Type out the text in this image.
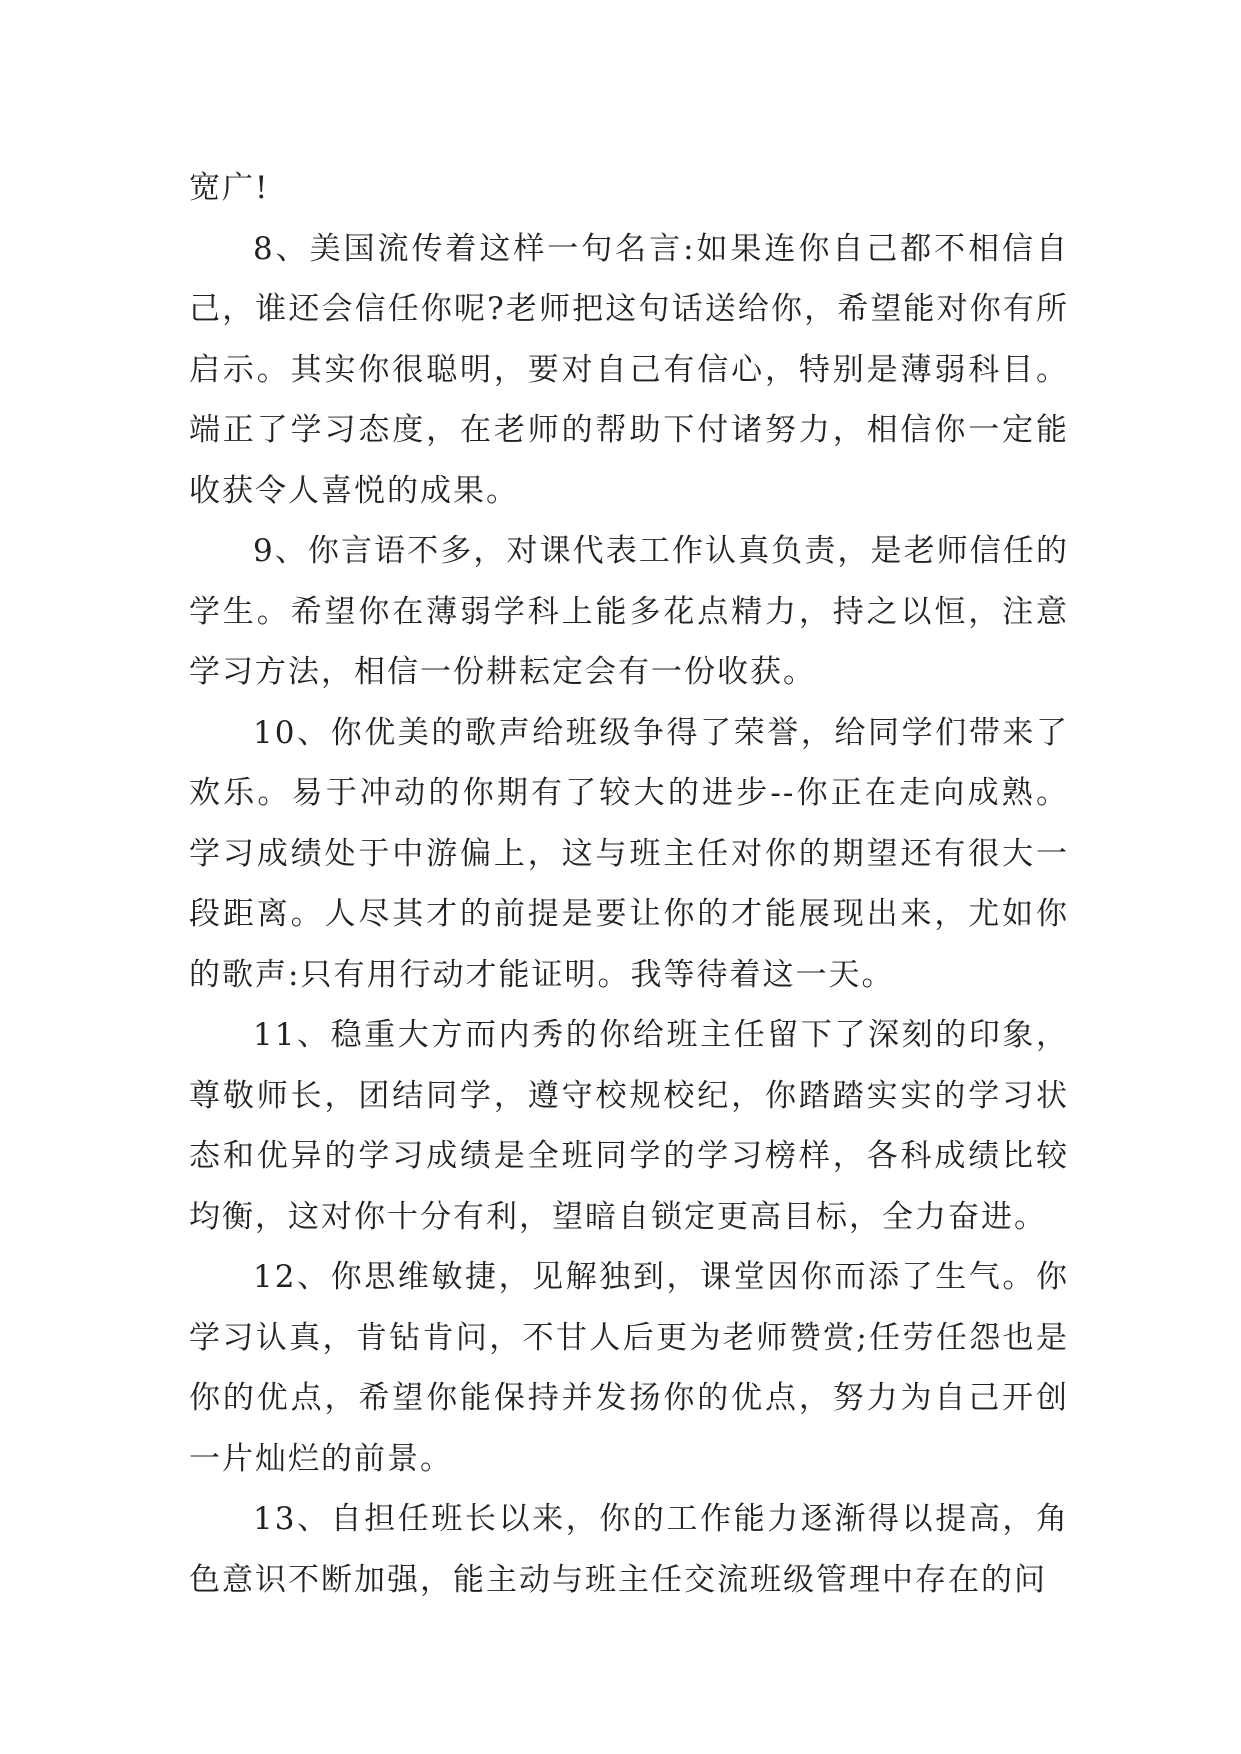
宽广!

8、美国流传着这样一句名言:如果连你自己都不相信自己，谁还会信任你呢?老师把这句话送给你，希望能对你有所启示。其实你很聪明，要对自己有信心，特别是薄弱科目。端正了学习态度，在老师的帮助下付诸努力，相信你一定能收获令人喜悦的成果。

9、你言语不多，对课代表工作认真负责，是老师信任的学生。希望你在薄弱学科上能多花点精力，持之以恒，注意学习方法，相信一份耕耘定会有一份收获。

10、你优美的歌声给班级争得了荣誉，给同学们带来了欢乐。易于冲动的你期有了较大的进步--你正在走向成熟。学习成绩处于中游偏上，这与班主任对你的期望还有很大一段距离。人尽其才的前提是要让你的才能展现出来，尤如你的歌声:只有用行动才能证明。我等待着这一天。

11、稳重大方而内秀的你给班主任留下了深刻的印象，尊敬师长，团结同学，遵守校规校纪，你踏踏实实的学习状态和优异的学习成绩是全班同学的学习榜样，各科成绩比较均衡，这对你十分有利，望暗自锁定更高目标，全力奋进。

12、你思维敏捷，见解独到，课堂因你而添了生气。你学习认真，肯钻肯问，不甘人后更为老师赞赏;任劳任怨也是你的优点，希望你能保持并发扬你的优点，努力为自己开创一片灿烂的前景。

13、自担任班长以来，你的工作能力逐渐得以提高，角色意识不断加强，能主动与班主任交流班级管理中存在的问
